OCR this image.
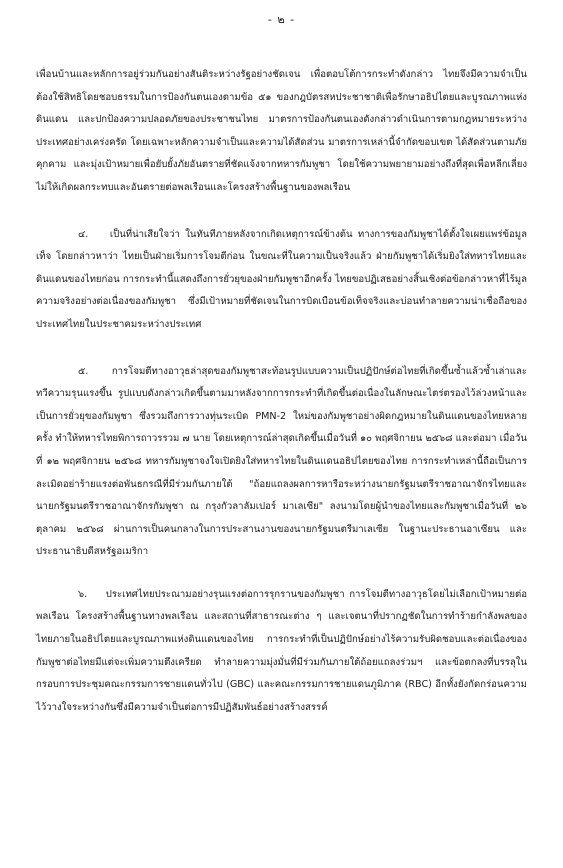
- ๒ -

เพื่อนบ้านและหลักการอยู่ร่วมกันอย่างสันติระหว่างรัฐอย่างชัดเจน เพื่อตอบโต้การกระทำดังกล่าว ไทยจึงมีความจำเป็นต้องใช้สิทธิโดยชอบธรรมในการป้องกันตนเองตามข้อ ๕๑ ของกฎบัตรสหประชาชาติเพื่อรักษาอธิปไตยและบูรณภาพแห่งดินแดน และปกป้องความปลอดภัยของประชาชนไทย มาตรการป้องกันตนเองดังกล่าวดำเนินการตามกฎหมายระหว่างประเทศอย่างเคร่งครัด โดยเฉพาะหลักความจำเป็นและความได้สัดส่วน มาตรการเหล่านี้จำกัดขอบเขต ได้สัดส่วนตามภัยคุกคาม และมุ่งเป้าหมายเพื่อยับยั้งภัยอันตรายที่ชัดแจ้งจากทหารกัมพูชา โดยใช้ความพยายามอย่างถึงที่สุดเพื่อหลีกเลี่ยงไม่ให้เกิดผลกระทบและอันตรายต่อพลเรือนและโครงสร้างพื้นฐานของพลเรือน

๔. เป็นที่น่าเสียใจว่า ในทันทีภายหลังจากเกิดเหตุการณ์ข้างต้น ทางการของกัมพูชาได้ตั้งใจเผยแพร่ข้อมูลเท็จ โดยกล่าวหาว่า ไทยเป็นฝ่ายเริ่มการโจมตีก่อน ในขณะที่ในความเป็นจริงแล้ว ฝ่ายกัมพูชาได้เริ่มยิงใส่ทหารไทยและดินแดนของไทยก่อน การกระทำนี้แสดงถึงการยั่วยุของฝ่ายกัมพูชาอีกครั้ง ไทยขอปฏิเสธอย่างสิ้นเชิงต่อข้อกล่าวหาที่ไร้มูลความจริงอย่างต่อเนื่องของกัมพูชา ซึ่งมีเป้าหมายที่ชัดเจนในการบิดเบือนข้อเท็จจริงและบ่อนทำลายความน่าเชื่อถือของประเทศไทยในประชาคมระหว่างประเทศ

๕. การโจมตีทางอาวุธล่าสุดของกัมพูชาสะท้อนรูปแบบความเป็นปฏิปักษ์ต่อไทยที่เกิดขึ้นซ้ำแล้วซ้ำเล่าและทวีความรุนแรงขึ้น รูปแบบดังกล่าวเกิดขึ้นตามมาหลังจากการกระทำที่เกิดขึ้นต่อเนื่องในลักษณะไตร่ตรองไว้ล่วงหน้าและเป็นการยั่วยุของกัมพูชา ซึ่งรวมถึงการวางทุ่นระเบิด PMN-2 ใหม่ของกัมพูชาอย่างผิดกฎหมายในดินแดนของไทยหลายครั้ง ทำให้ทหารไทยพิการถาวรรวม ๗ นาย โดยเหตุการณ์ล่าสุดเกิดขึ้นเมื่อวันที่ ๑๐ พฤศจิกายน ๒๕๖๘ และต่อมา เมื่อวันที่ ๑๒ พฤศจิกายน ๒๕๖๘ ทหารกัมพูชาจงใจเปิดยิงใส่ทหารไทยในดินแดนอธิปไตยของไทย การกระทำเหล่านี้ถือเป็นการละเมิดอย่าร้ายแรงต่อพันธกรณีที่มีร่วมกันภายใต้ "ถ้อยแถลงผลการหารือระหว่างนายกรัฐมนตรีราชอาณาจักรไทยและนายกรัฐมนตรีราชอาณาจักรกัมพูชา ณ กรุงกัวลาลัมเปอร์ มาเลเซีย" ลงนามโดยผู้นำของไทยและกัมพูชาเมื่อวันที่ ๒๖ ตุลาคม ๒๕๖๘ ผ่านการเป็นคนกลางในการประสานงานของนายกรัฐมนตรีมาเลเซีย ในฐานะประธานอาเซียน และประธานาธิบดีสหรัฐอเมริกา

๖. ประเทศไทยประณามอย่างรุนแรงต่อการรุกรานของกัมพูชา การโจมตีทางอาวุธโดยไม่เลือกเป้าหมายต่อพลเรือน โครงสร้างพื้นฐานทางพลเรือน และสถานที่สาธารณะต่าง ๆ และเจตนาที่ปรากฏชัดในการทำร้ายกำลังพลของไทยภายในอธิปไตยและบูรณภาพแห่งดินแดนของไทย การกระทำที่เป็นปฏิปักษ์อย่างไร้ความรับผิดชอบและต่อเนื่องของกัมพูชาต่อไทยมีแต่จะเพิ่มความตึงเครียด ทำลายความมุ่งมั่นที่มีร่วมกันภายใต้ถ้อยแถลงร่วมฯ และข้อตกลงที่บรรลุในกรอบการประชุมคณะกรรมการชายแดนทั่วไป (GBC) และคณะกรรมการชายแดนภูมิภาค (RBC) อีกทั้งยังกัดกร่อนความไว้วางใจระหว่างกันซึ่งมีความจำเป็นต่อการมีปฏิสัมพันธ์อย่างสร้างสรรค์
